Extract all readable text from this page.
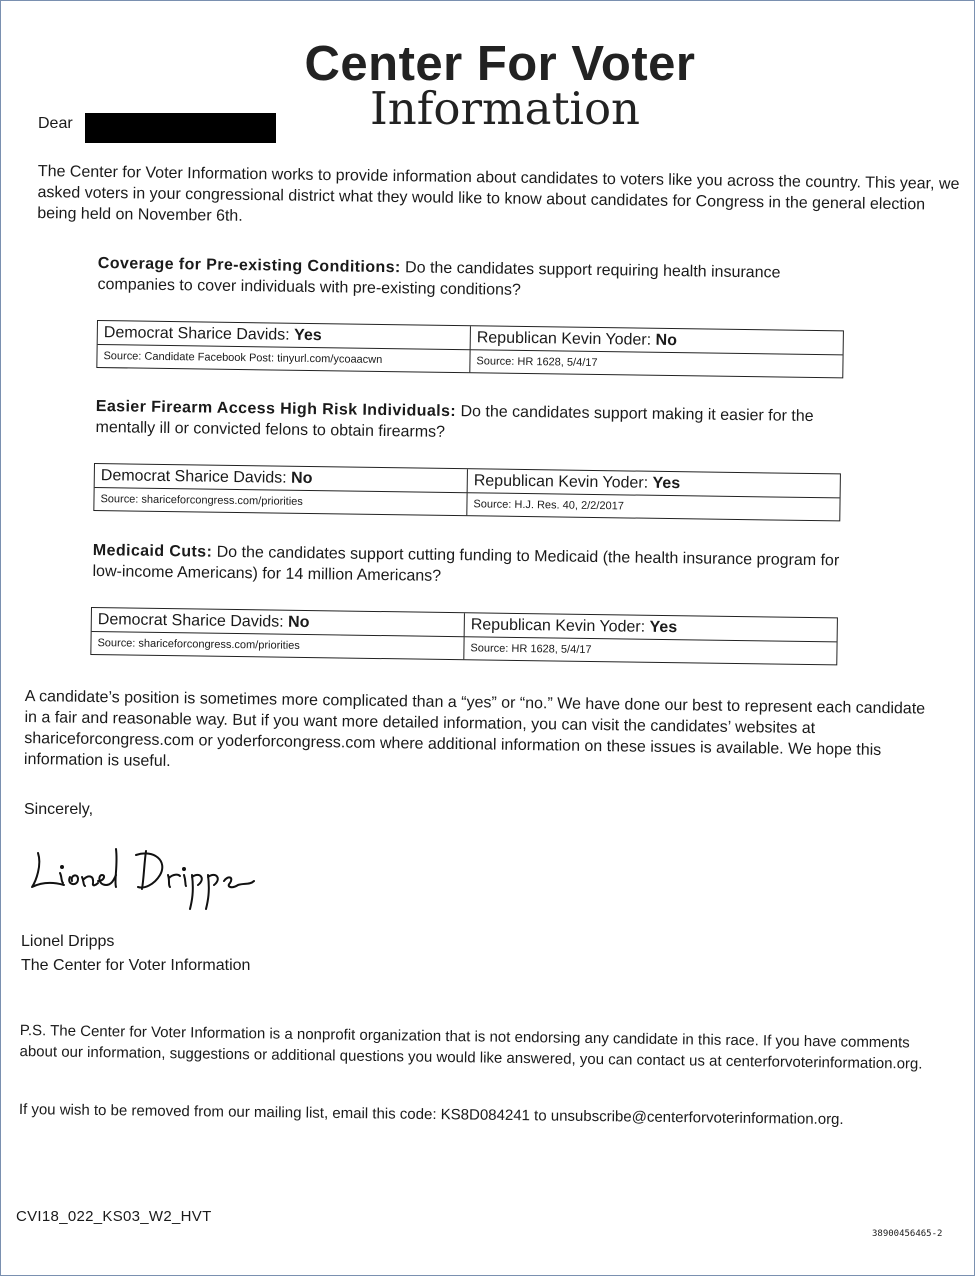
Center For Voter
Information
Dear

The Center for Voter Information works to provide information about candidates to voters like you across the country. This year, we asked voters in your congressional district what they would like to know about candidates for Congress in the general election being held on November 6th.

Coverage for Pre-existing Conditions: Do the candidates support requiring health insurance companies to cover individuals with pre-existing conditions?
Democrat Sharice Davids: Yes	Republican Kevin Yoder: No
Source: Candidate Facebook Post: tinyurl.com/ycoaacwn	Source: HR 1628, 5/4/17
Easier Firearm Access High Risk Individuals: Do the candidates support making it easier for the mentally ill or convicted felons to obtain firearms?
Democrat Sharice Davids: No	Republican Kevin Yoder: Yes
Source: shariceforcongress.com/priorities	Source: H.J. Res. 40, 2/2/2017
Medicaid Cuts: Do the candidates support cutting funding to Medicaid (the health insurance program for low-income Americans) for 14 million Americans?
Democrat Sharice Davids: No	Republican Kevin Yoder: Yes
Source: shariceforcongress.com/priorities	Source: HR 1628, 5/4/17

A candidate’s position is sometimes more complicated than a “yes” or “no.” We have done our best to represent each candidate in a fair and reasonable way. But if you want more detailed information, you can visit the candidates’ websites at shariceforcongress.com or yoderforcongress.com where additional information on these issues is available. We hope this information is useful.

Sincerely,
Lionel Dripps
The Center for Voter Information

P.S. The Center for Voter Information is a nonprofit organization that is not endorsing any candidate in this race. If you have comments about our information, suggestions or additional questions you would like answered, you can contact us at centerforvoterinformation.org.

If you wish to be removed from our mailing list, email this code: KS8D084241 to unsubscribe@centerforvoterinformation.org.
CVI18_022_KS03_W2_HVT
38900456465-2
